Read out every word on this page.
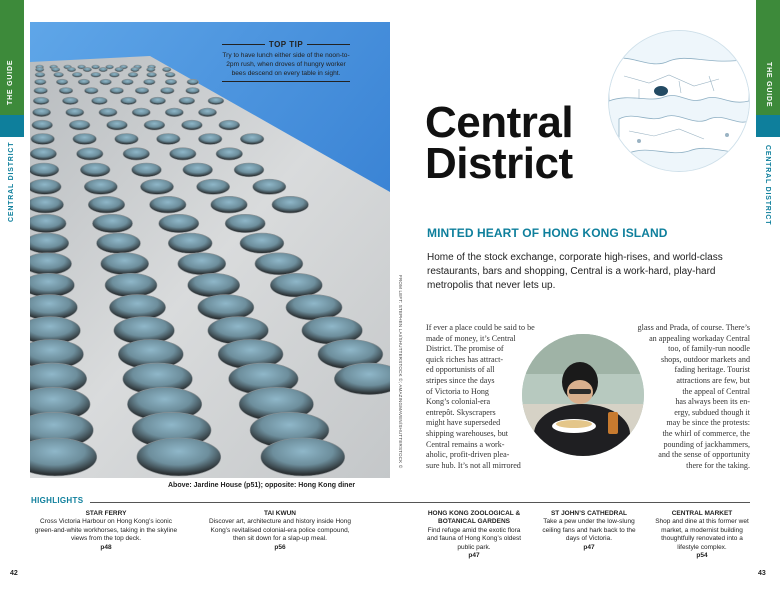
THE GUIDE
CENTRAL DISTRICT
THE GUIDE
CENTRAL DISTRICT
FROM LEFT: STEPHEN LAI/SHUTTERSTOCK ©; AMAZINGMAVEN/SHUTTERSTOCK ©
Above: Jardine House (p51); opposite: Hong Kong diner
TOP TIP
Try to have lunch either side of the noon-to-2pm rush, when droves of hungry worker bees descend on every table in sight.
Central
District
MINTED HEART OF HONG KONG ISLAND
Home of the stock exchange, corporate high-rises, and world-class restaurants, bars and shopping, Central is a work-hard, play-hard metropolis that never lets up.
If ever a place could be said to be
made of money, it’s Central
District. The promise of
quick riches has attract-
ed opportunists of all
stripes since the days
of Victoria to Hong
Kong’s colonial-era
entrepôt. Skyscrapers
might have superseded
shipping warehouses, but
Central remains a work-
aholic, profit-driven plea-
sure hub. It’s not all mirrored
glass and Prada, of course. There’s
an appealing workaday Central
too, of family-run noodle
shops, outdoor markets and
fading heritage. Tourist
attractions are few, but
the appeal of Central
has always been its en-
ergy, subdued though it
may be since the protests:
the whirl of commerce, the
pounding of jackhammers,
and the sense of opportunity
there for the taking.
HIGHLIGHTS
STAR FERRY
Cross Victoria Harbour on Hong Kong’s iconic green-and-white workhorses, taking in the skyline views from the top deck.
p48
TAI KWUN
Discover art, architecture and history inside Hong Kong’s revitalised colonial-era police compound, then sit down for a slap-up meal.
p56
HONG KONG ZOOLOGICAL & BOTANICAL GARDENS
Find refuge amid the exotic flora and fauna of Hong Kong’s oldest public park.
p47
ST JOHN’S CATHEDRAL
Take a pew under the low-slung ceiling fans and hark back to the days of Victoria.
p47
CENTRAL MARKET
Shop and dine at this former wet market, a modernist building thoughtfully renovated into a lifestyle complex.
p54
42	43
